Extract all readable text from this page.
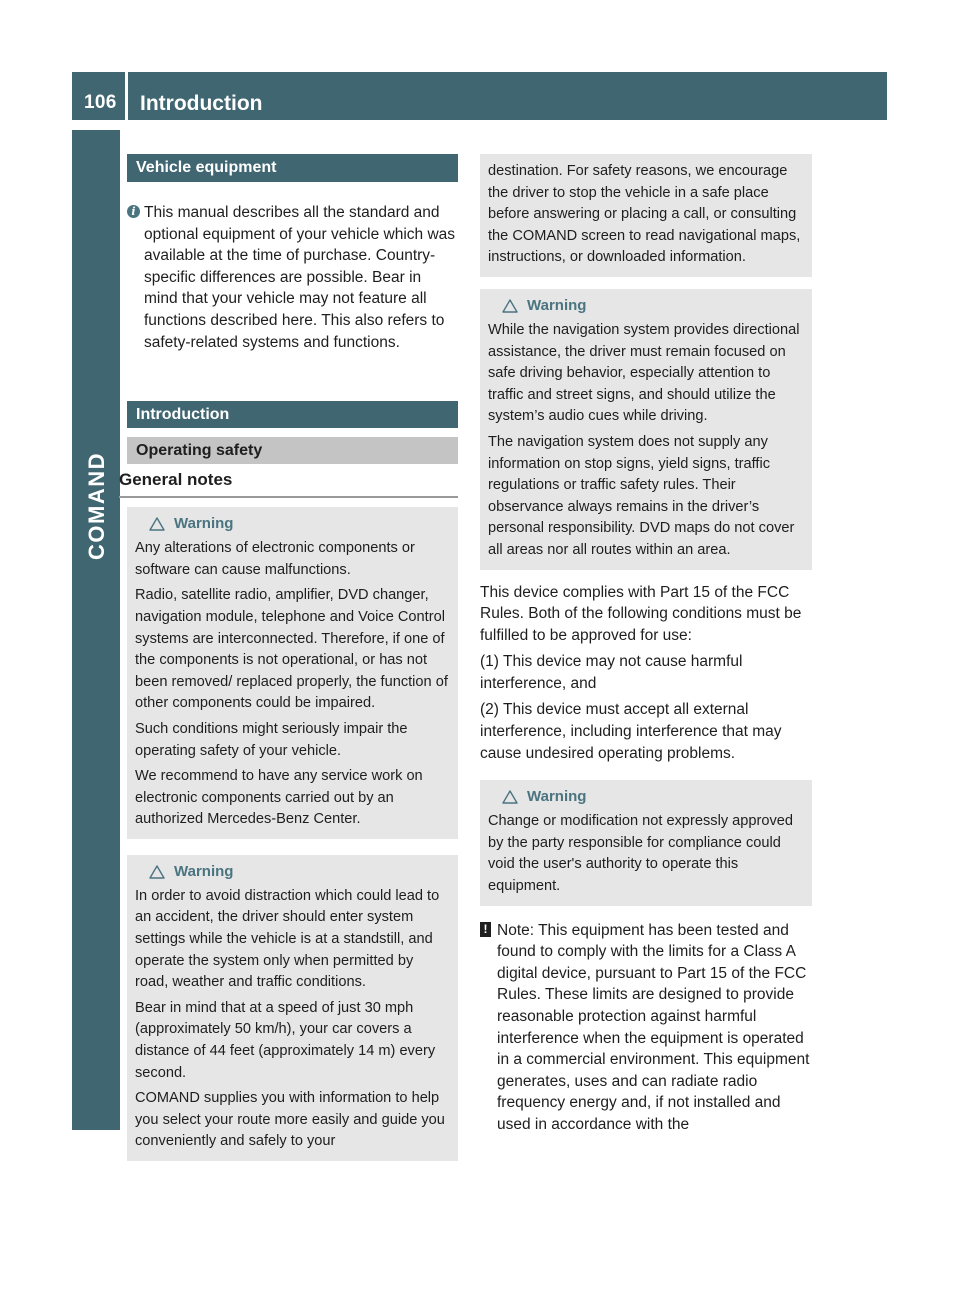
106 Introduction
COMAND
Vehicle equipment
i This manual describes all the standard and optional equipment of your vehicle which was available at the time of purchase. Country-specific differences are possible. Bear in mind that your vehicle may not feature all functions described here. This also refers to safety-related systems and functions.
Introduction
Operating safety
General notes
Warning

Any alterations of electronic components or software can cause malfunctions.

Radio, satellite radio, amplifier, DVD changer, navigation module, telephone and Voice Control systems are interconnected. Therefore, if one of the components is not operational, or has not been removed/ replaced properly, the function of other components could be impaired.

Such conditions might seriously impair the operating safety of your vehicle.

We recommend to have any service work on electronic components carried out by an authorized Mercedes-Benz Center.

Warning

In order to avoid distraction which could lead to an accident, the driver should enter system settings while the vehicle is at a standstill, and operate the system only when permitted by road, weather and traffic conditions.

Bear in mind that at a speed of just 30 mph (approximately 50 km/h), your car covers a distance of 44 feet (approximately 14 m) every second.

COMAND supplies you with information to help you select your route more easily and guide you conveniently and safely to your

destination. For safety reasons, we encourage the driver to stop the vehicle in a safe place before answering or placing a call, or consulting the COMAND screen to read navigational maps, instructions, or downloaded information.

Warning

While the navigation system provides directional assistance, the driver must remain focused on safe driving behavior, especially attention to traffic and street signs, and should utilize the system’s audio cues while driving.

The navigation system does not supply any information on stop signs, yield signs, traffic regulations or traffic safety rules. Their observance always remains in the driver’s personal responsibility. DVD maps do not cover all areas nor all routes within an area.

This device complies with Part 15 of the FCC Rules. Both of the following conditions must be fulfilled to be approved for use:

(1) This device may not cause harmful interference, and

(2) This device must accept all external interference, including interference that may cause undesired operating problems.

Warning

Change or modification not expressly approved by the party responsible for compliance could void the user's authority to operate this equipment.

! Note: This equipment has been tested and found to comply with the limits for a Class A digital device, pursuant to Part 15 of the FCC Rules. These limits are designed to provide reasonable protection against harmful interference when the equipment is operated in a commercial environment. This equipment generates, uses and can radiate radio frequency energy and, if not installed and used in accordance with the
